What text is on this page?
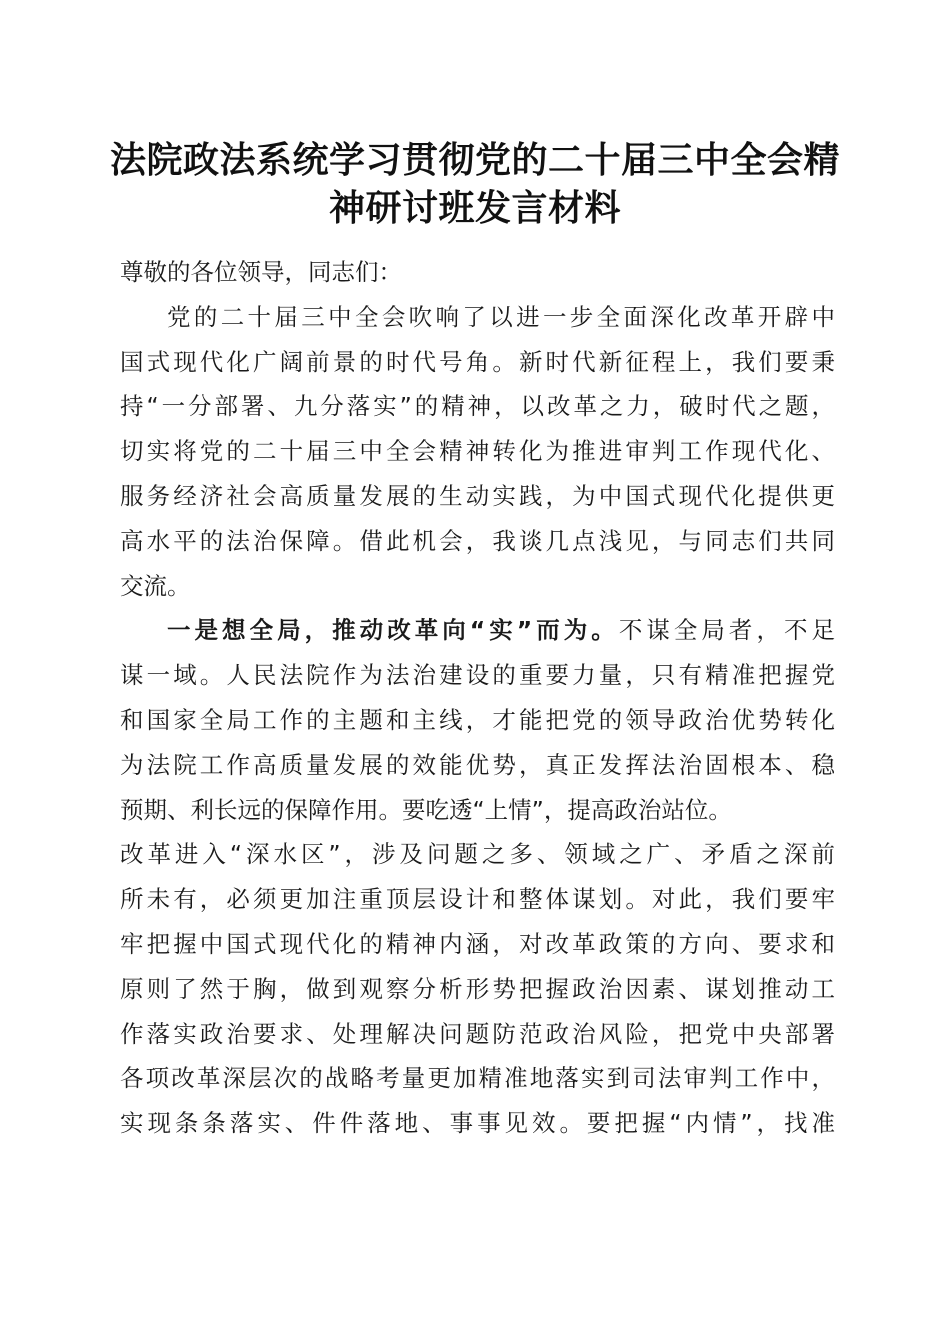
法院政法系统学习贯彻党的二十届三中全会精
神研讨班发言材料
尊敬的各位领导，同志们：
党的二十届三中全会吹响了以进一步全面深化改革开辟中
国式现代化广阔前景的时代号角。新时代新征程上，我们要秉
持“一分部署、九分落实”的精神，以改革之力，破时代之题，
切实将党的二十届三中全会精神转化为推进审判工作现代化、
服务经济社会高质量发展的生动实践，为中国式现代化提供更
高水平的法治保障。借此机会，我谈几点浅见，与同志们共同
交流。
一是想全局，推动改革向“实”而为。不谋全局者，不足
谋一域。人民法院作为法治建设的重要力量，只有精准把握党
和国家全局工作的主题和主线，才能把党的领导政治优势转化
为法院工作高质量发展的效能优势，真正发挥法治固根本、稳
预期、利长远的保障作用。要吃透“上情”，提高政治站位。
改革进入“深水区”，涉及问题之多、领域之广、矛盾之深前
所未有，必须更加注重顶层设计和整体谋划。对此，我们要牢
牢把握中国式现代化的精神内涵，对改革政策的方向、要求和
原则了然于胸，做到观察分析形势把握政治因素、谋划推动工
作落实政治要求、处理解决问题防范政治风险，把党中央部署
各项改革深层次的战略考量更加精准地落实到司法审判工作中，
实现条条落实、件件落地、事事见效。要把握“内情”，找准
